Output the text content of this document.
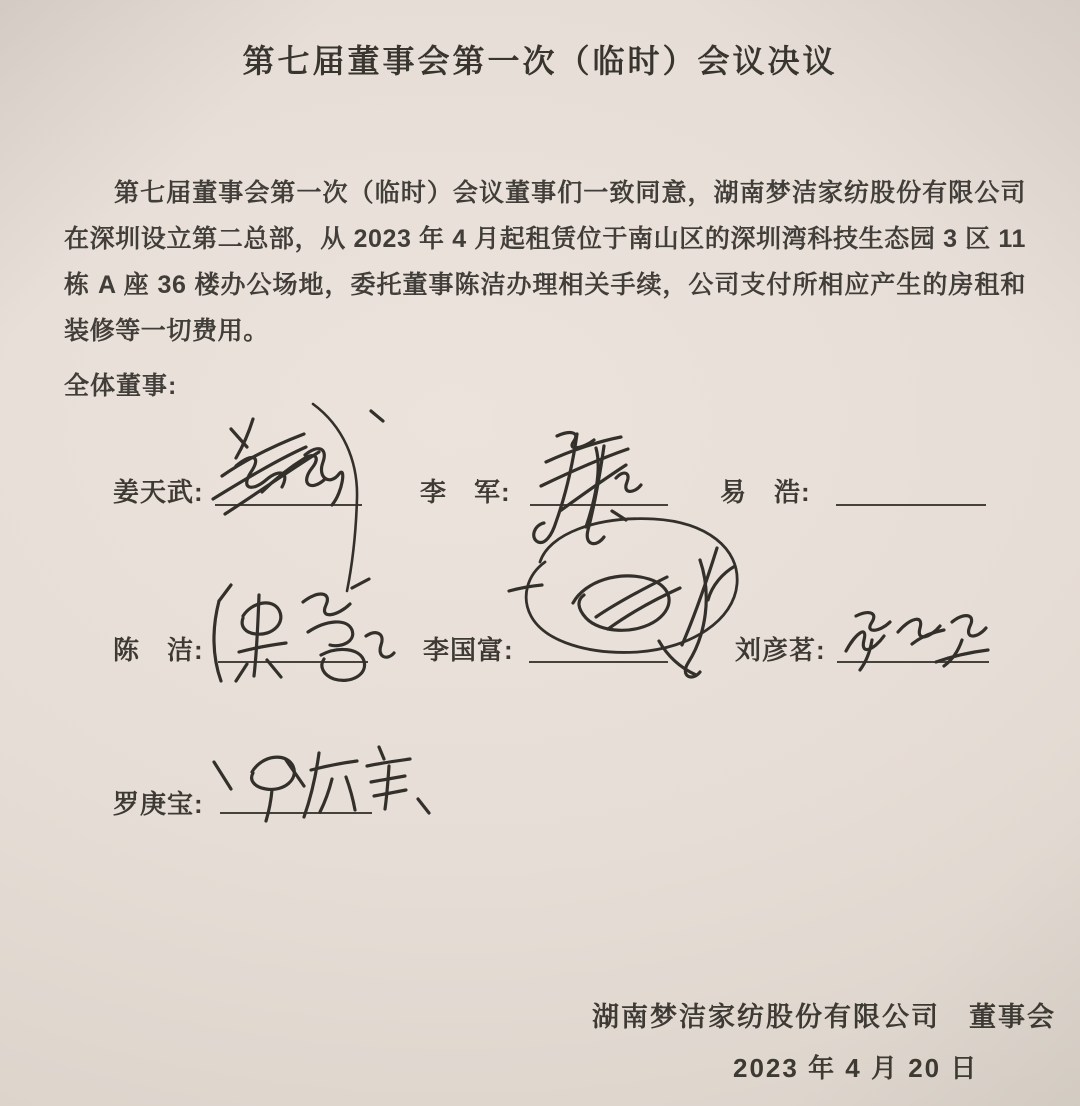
第七届董事会第一次（临时）会议决议
第七届董事会第一次（临时）会议董事们一致同意，湖南梦洁家纺股份有限公司在深圳设立第二总部，从 2023 年 4 月起租赁位于南山区的深圳湾科技生态园 3 区 11 栋 A 座 36 楼办公场地，委托董事陈洁办理相关手续，公司支付所相应产生的房租和装修等一切费用。
全体董事:
姜天武:	李　军:	易　浩:
陈　洁:	李国富:	刘彦茗:
罗庚宝:
湖南梦洁家纺股份有限公司　董事会
2023 年 4 月 20 日
